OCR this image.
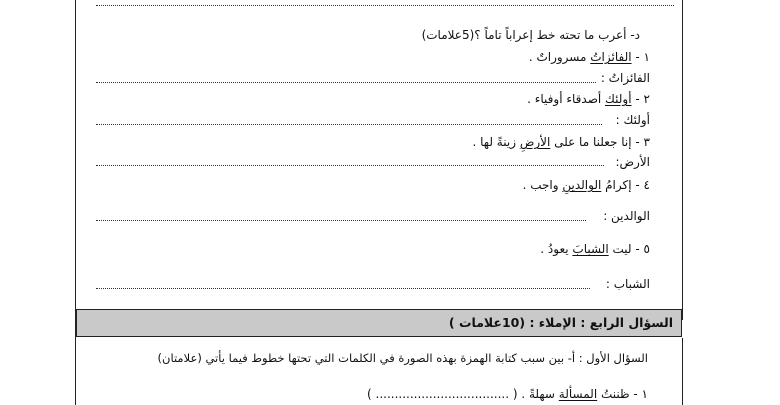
د- أعرب ما تحته خط إعراباً تاماً ؟(5علامات)
١ - الفائزاتُ مسروراتٌ .
الفائزاتُ :
٢ - أولئك أصدقاء أوفياء .
أولئك :
٣ - إنا جعلنا ما على الأرضِ زينةً لها .
الأرض:
٤ - إكرامُ الوالدينِ واجب .
الوالدين :
٥ - ليت الشبابَ يعودُ .
الشباب :
السؤال الرابع : الإملاء : (10علامات )
السؤال الأول : أ- بين سبب كتابة الهمزة بهذه الصورة في الكلمات التي تحتها خطوط فيما يأتي (علامتان)
١ - ظننتُ المسألة سهلةً . ( ................................... )
